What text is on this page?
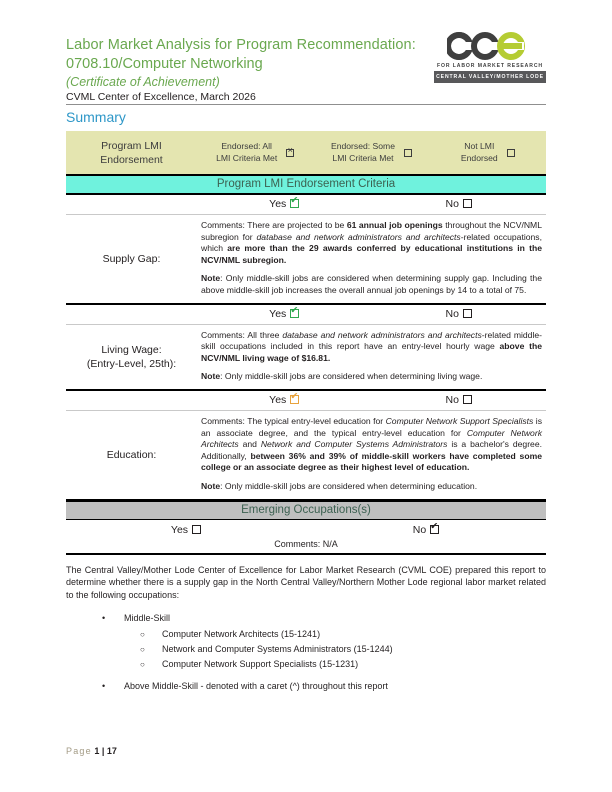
Labor Market Analysis for Program Recommendation:
0708.10/Computer Networking
(Certificate of Achievement)
CVML Center of Excellence, March 2026
FOR LABOR MARKET RESEARCH
CENTRAL VALLEY/MOTHER LODE
Summary
Program LMI
Endorsement
Endorsed: All
LMI Criteria Met
×
Endorsed: Some
LMI Criteria Met
Not LMI
Endorsed
Program LMI Endorsement Criteria
Yes ✔	No
Supply Gap:

Comments: There are projected to be 61 annual job openings throughout the NCV/NML subregion for database and network administrators and architects-related occupations, which are more than the 29 awards conferred by educational institutions in the NCV/NML subregion.

Note: Only middle-skill jobs are considered when determining supply gap. Including the above middle-skill job increases the overall annual job openings by 14 to a total of 75.

Yes ✔	No
Living Wage:
(Entry-Level, 25th):

Comments: All three database and network administrators and architects-related middle-skill occupations included in this report have an entry-level hourly wage above the NCV/NML living wage of $16.81.

Note: Only middle-skill jobs are considered when determining living wage.

Yes ✔	No
Education:

Comments: The typical entry-level education for Computer Network Support Specialists is an associate degree, and the typical entry-level education for Computer Network Architects and Network and Computer Systems Administrators is a bachelor's degree. Additionally, between 36% and 39% of middle-skill workers have completed some college or an associate degree as their highest level of education.

Note: Only middle-skill jobs are considered when determining education.

Emerging Occupations(s)
Yes	No✔
Comments: N/A
The Central Valley/Mother Lode Center of Excellence for Labor Market Research (CVML COE) prepared this report to determine whether there is a supply gap in the North Central Valley/Northern Mother Lode regional labor market related to the following occupations:
•	Middle-Skill
○	Computer Network Architects (15-1241)
○	Network and Computer Systems Administrators (15-1244)
○	Computer Network Support Specialists (15-1231)
•	Above Middle-Skill - denoted with a caret (^) throughout this report
Page 1 | 17
